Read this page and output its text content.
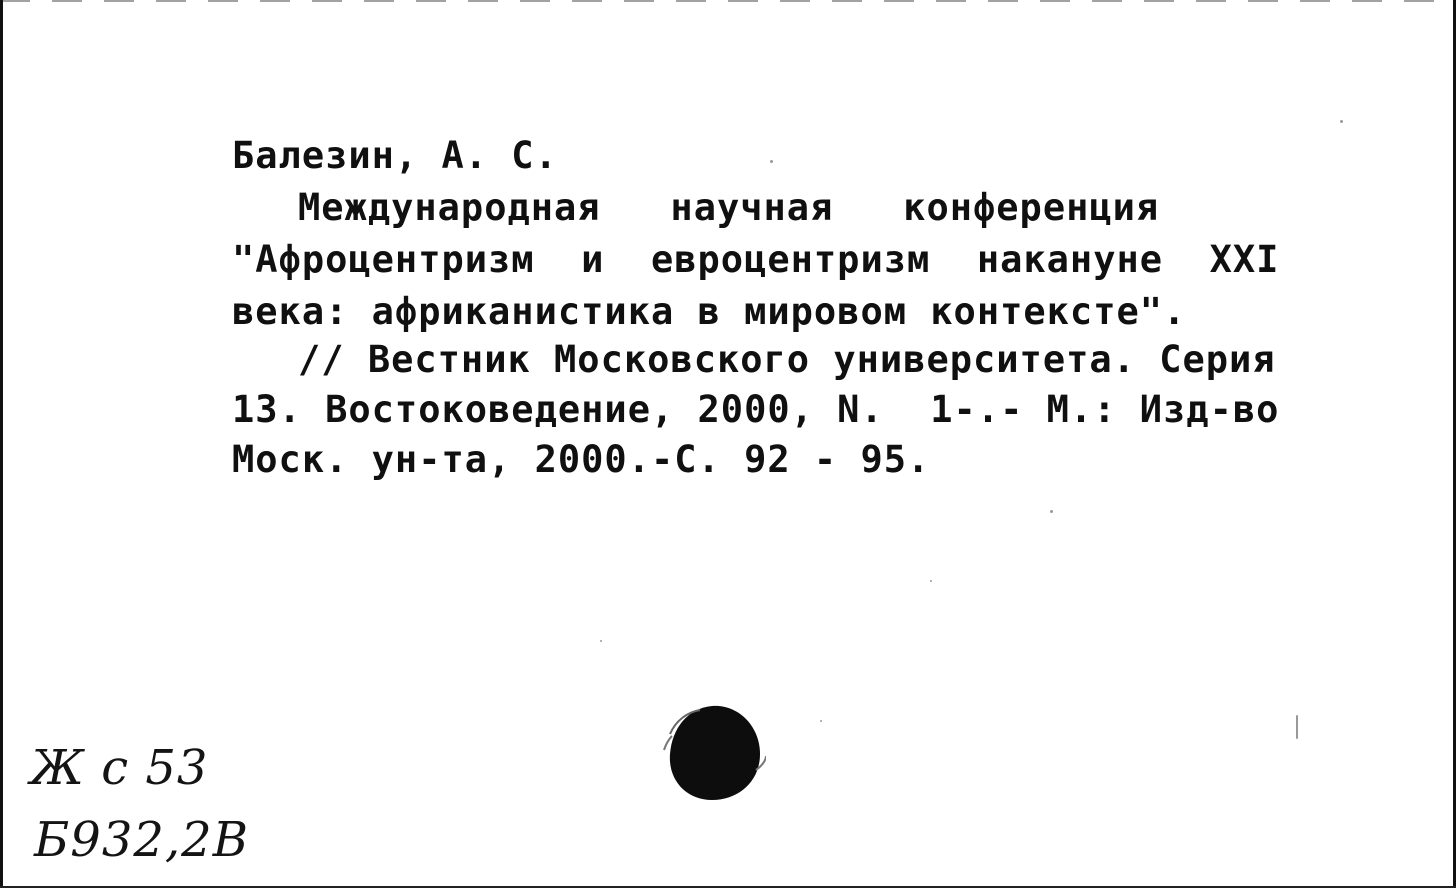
Балезин, А. С.
Международная   научная   конференция
"Афроцентризм  и  евроцентризм  накануне  XXI
века: африканистика в мировом контексте".
// Вестник Московского университета. Серия
13. Востоковедение, 2000, N.  1-.- М.: Изд-во
Моск. ун-та, 2000.-С. 92 - 95.
Ж с 53
Б932,2В
